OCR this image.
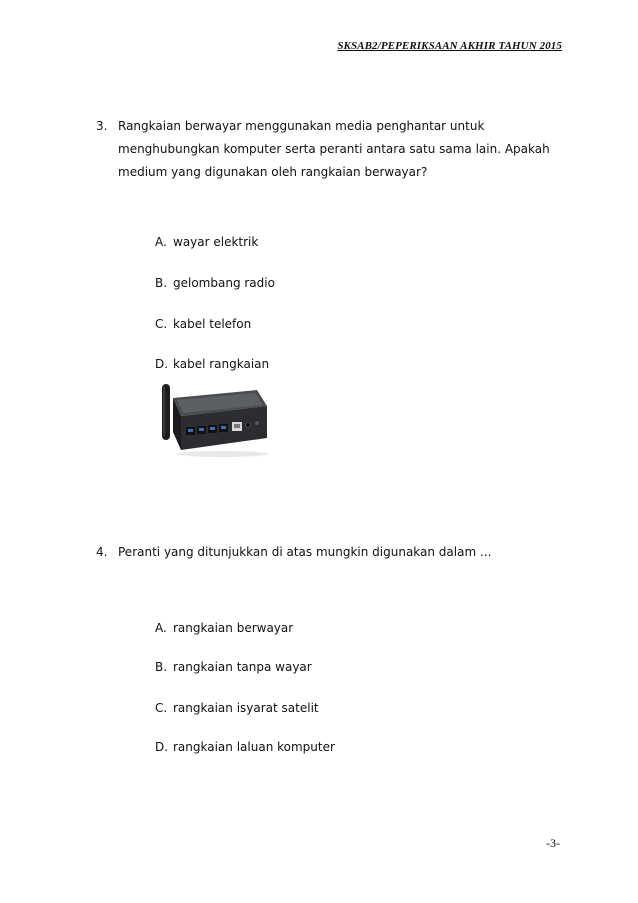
SKSAB2/PEPERIKSAAN AKHIR TAHUN 2015
3. Rangkaian berwayar menggunakan media penghantar untuk menghubungkan komputer serta peranti antara satu sama lain. Apakah medium yang digunakan oleh rangkaian berwayar?
A. wayar elektrik
B. gelombang radio
C. kabel telefon
D. kabel rangkaian
4. Peranti yang ditunjukkan di atas mungkin digunakan dalam ...
A. rangkaian berwayar
B. rangkaian tanpa wayar
C. rangkaian isyarat satelit
D. rangkaian laluan komputer
-3-
